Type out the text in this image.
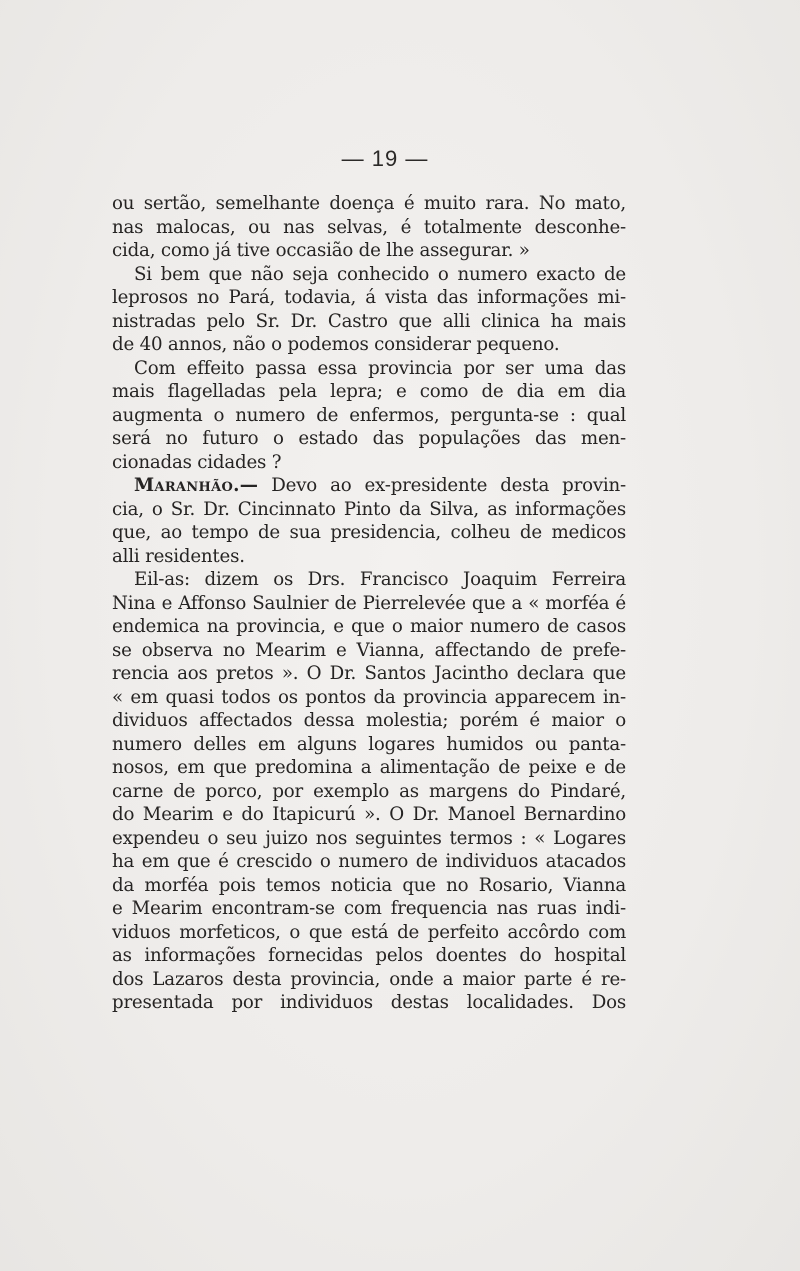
— 19 —
ou sertão, semelhante doença é muito rara. No mato,
nas malocas, ou nas selvas, é totalmente desconhe-
cida, como já tive occasião de lhe assegurar. »
Si bem que não seja conhecido o numero exacto de
leprosos no Pará, todavia, á vista das informações mi-
nistradas pelo Sr. Dr. Castro que alli clinica ha mais
de 40 annos, não o podemos considerar pequeno.
Com effeito passa essa provincia por ser uma das
mais flagelladas pela lepra; e como de dia em dia
augmenta o numero de enfermos, pergunta-se : qual
será no futuro o estado das populações das men-
cionadas cidades ?
Maranhão.— Devo ao ex-presidente desta provin-
cia, o Sr. Dr. Cincinnato Pinto da Silva, as informações
que, ao tempo de sua presidencia, colheu de medicos
alli residentes.
Eil-as: dizem os Drs. Francisco Joaquim Ferreira
Nina e Affonso Saulnier de Pierrelevée que a « morféa é
endemica na provincia, e que o maior numero de casos
se observa no Mearim e Vianna, affectando de prefe-
rencia aos pretos ». O Dr. Santos Jacintho declara que
« em quasi todos os pontos da provincia apparecem in-
dividuos affectados dessa molestia; porém é maior o
numero delles em alguns logares humidos ou panta-
nosos, em que predomina a alimentação de peixe e de
carne de porco, por exemplo as margens do Pindaré,
do Mearim e do Itapicurú ». O Dr. Manoel Bernardino
expendeu o seu juizo nos seguintes termos : « Logares
ha em que é crescido o numero de individuos atacados
da morféa pois temos noticia que no Rosario, Vianna
e Mearim encontram-se com frequencia nas ruas indi-
viduos morfeticos, o que está de perfeito accôrdo com
as informações fornecidas pelos doentes do hospital
dos Lazaros desta provincia, onde a maior parte é re-
presentada por individuos destas localidades. Dos
